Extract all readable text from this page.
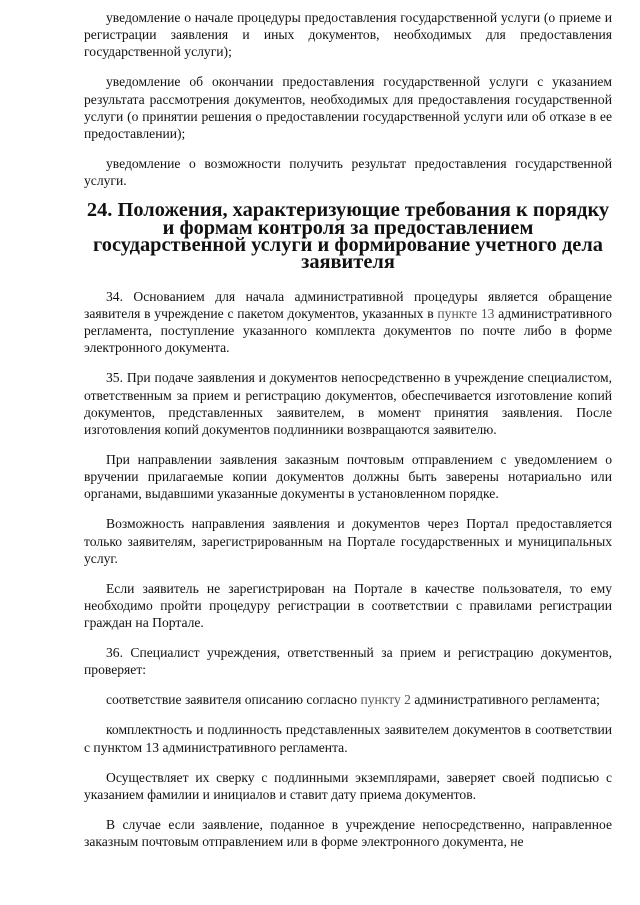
уведомление о начале процедуры предоставления государственной услуги (о приеме и регистрации заявления и иных документов, необходимых для предоставления государственной услуги);

уведомление об окончании предоставления государственной услуги с указанием результата рассмотрения документов, необходимых для предоставления государственной услуги (о принятии решения о предоставлении государственной услуги или об отказе в ее предоставлении);

уведомление о возможности получить результат предоставления государственной услуги.

24. Положения, характеризующие требования к порядку и формам контроля за предоставлением государственной услуги и формирование учетного дела заявителя

34. Основанием для начала административной процедуры является обращение заявителя в учреждение с пакетом документов, указанных в пункте 13 административного регламента, поступление указанного комплекта документов по почте либо в форме электронного документа.

35. При подаче заявления и документов непосредственно в учреждение специалистом, ответственным за прием и регистрацию документов, обеспечивается изготовление копий документов, представленных заявителем, в момент принятия заявления. После изготовления копий документов подлинники возвращаются заявителю.

При направлении заявления заказным почтовым отправлением с уведомлением о вручении прилагаемые копии документов должны быть заверены нотариально или органами, выдавшими указанные документы в установленном порядке.

Возможность направления заявления и документов через Портал предоставляется только заявителям, зарегистрированным на Портале государственных и муниципальных услуг.

Если заявитель не зарегистрирован на Портале в качестве пользователя, то ему необходимо пройти процедуру регистрации в соответствии с правилами регистрации граждан на Портале.

36. Специалист учреждения, ответственный за прием и регистрацию документов, проверяет:

соответствие заявителя описанию согласно пункту 2 административного регламента;

комплектность и подлинность представленных заявителем документов в соответствии с пунктом 13 административного регламента.

Осуществляет их сверку с подлинными экземплярами, заверяет своей подписью с указанием фамилии и инициалов и ставит дату приема документов.

В случае если заявление, поданное в учреждение непосредственно, направленное заказным почтовым отправлением или в форме электронного документа, не
